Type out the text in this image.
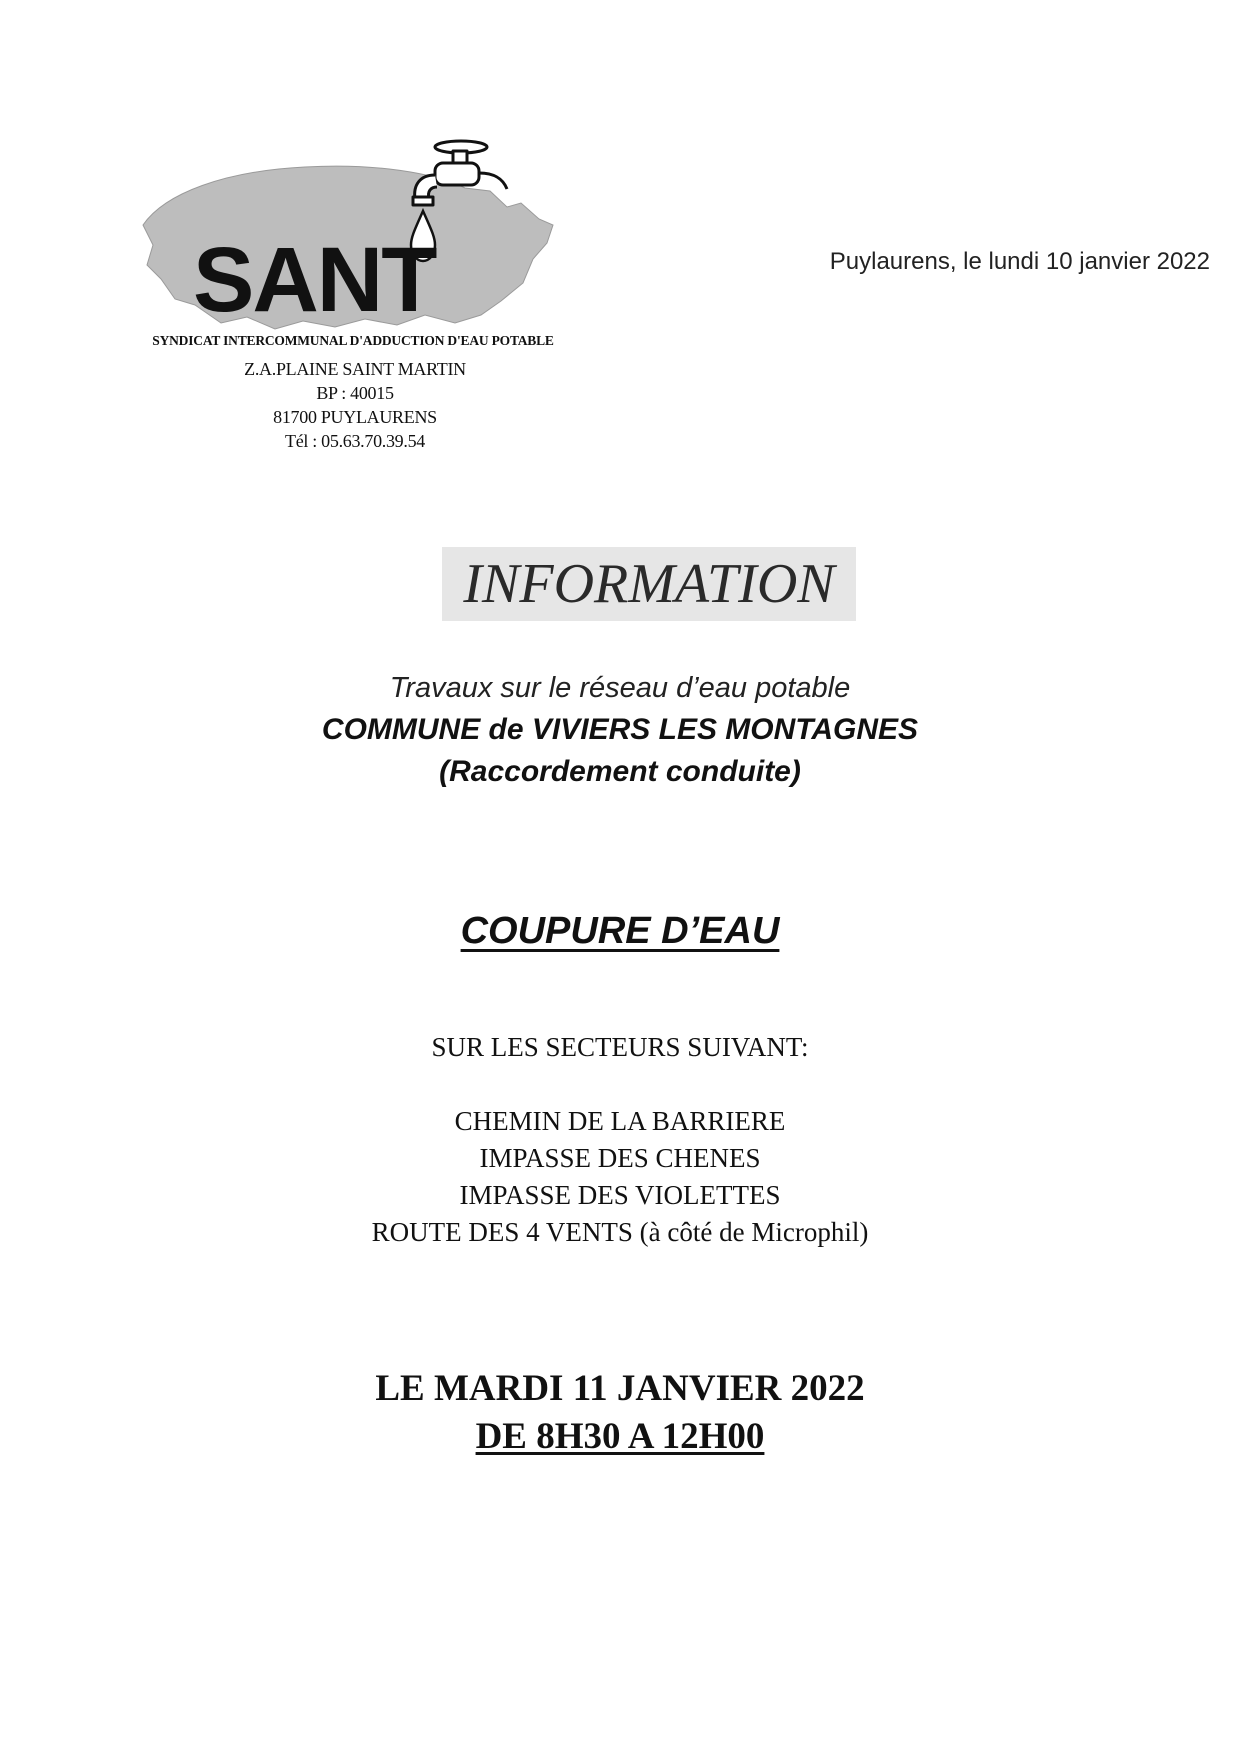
SANT
SYNDICAT INTERCOMMUNAL D'ADDUCTION D'EAU POTABLE
Z.A.PLAINE SAINT MARTIN
BP : 40015
81700 PUYLAURENS
Tél : 05.63.70.39.54
Puylaurens, le lundi 10 janvier 2022
INFORMATION
Travaux sur le réseau d’eau potable
COMMUNE de VIVIERS LES MONTAGNES
(Raccordement conduite)
COUPURE D’EAU
SUR LES SECTEURS SUIVANT:
CHEMIN DE LA BARRIERE
IMPASSE DES CHENES
IMPASSE DES VIOLETTES
ROUTE DES 4 VENTS (à côté de Microphil)
LE MARDI 11 JANVIER 2022
DE 8H30 A 12H00
